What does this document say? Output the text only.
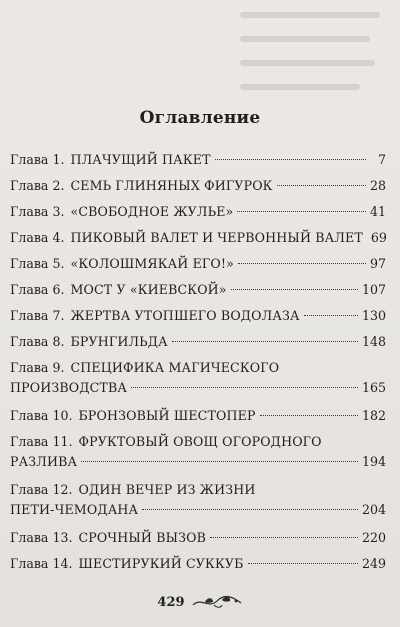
Оглавление
Глава 1. ПЛАЧУЩИЙ ПАКЕТ	7
Глава 2. СЕМЬ ГЛИНЯНЫХ ФИГУРОК	28
Глава 3. «СВОБОДНОЕ ЖУЛЬЕ»	41
Глава 4. ПИКОВЫЙ ВАЛЕТ И ЧЕРВОННЫЙ ВАЛЕТ 69
Глава 5. «КОЛОШМЯКАЙ ЕГО!»	97
Глава 6. МОСТ У «КИЕВСКОЙ»	107
Глава 7. ЖЕРТВА УТОПШЕГО ВОДОЛАЗА	130
Глава 8. БРУНГИЛЬДА	148
Глава 9. СПЕЦИФИКА МАГИЧЕСКОГО
ПРОИЗВОДСТВА	165
Глава 10. БРОНЗОВЫЙ ШЕСТОПЕР	182
Глава 11. ФРУКТОВЫЙ ОВОЩ ОГОРОДНОГО
РАЗЛИВА	194
Глава 12. ОДИН ВЕЧЕР ИЗ ЖИЗНИ
ПЕТИ-ЧЕМОДАНА	204
Глава 13. СРОЧНЫЙ ВЫЗОВ	220
Глава 14. ШЕСТИРУКИЙ СУККУБ	249
429
